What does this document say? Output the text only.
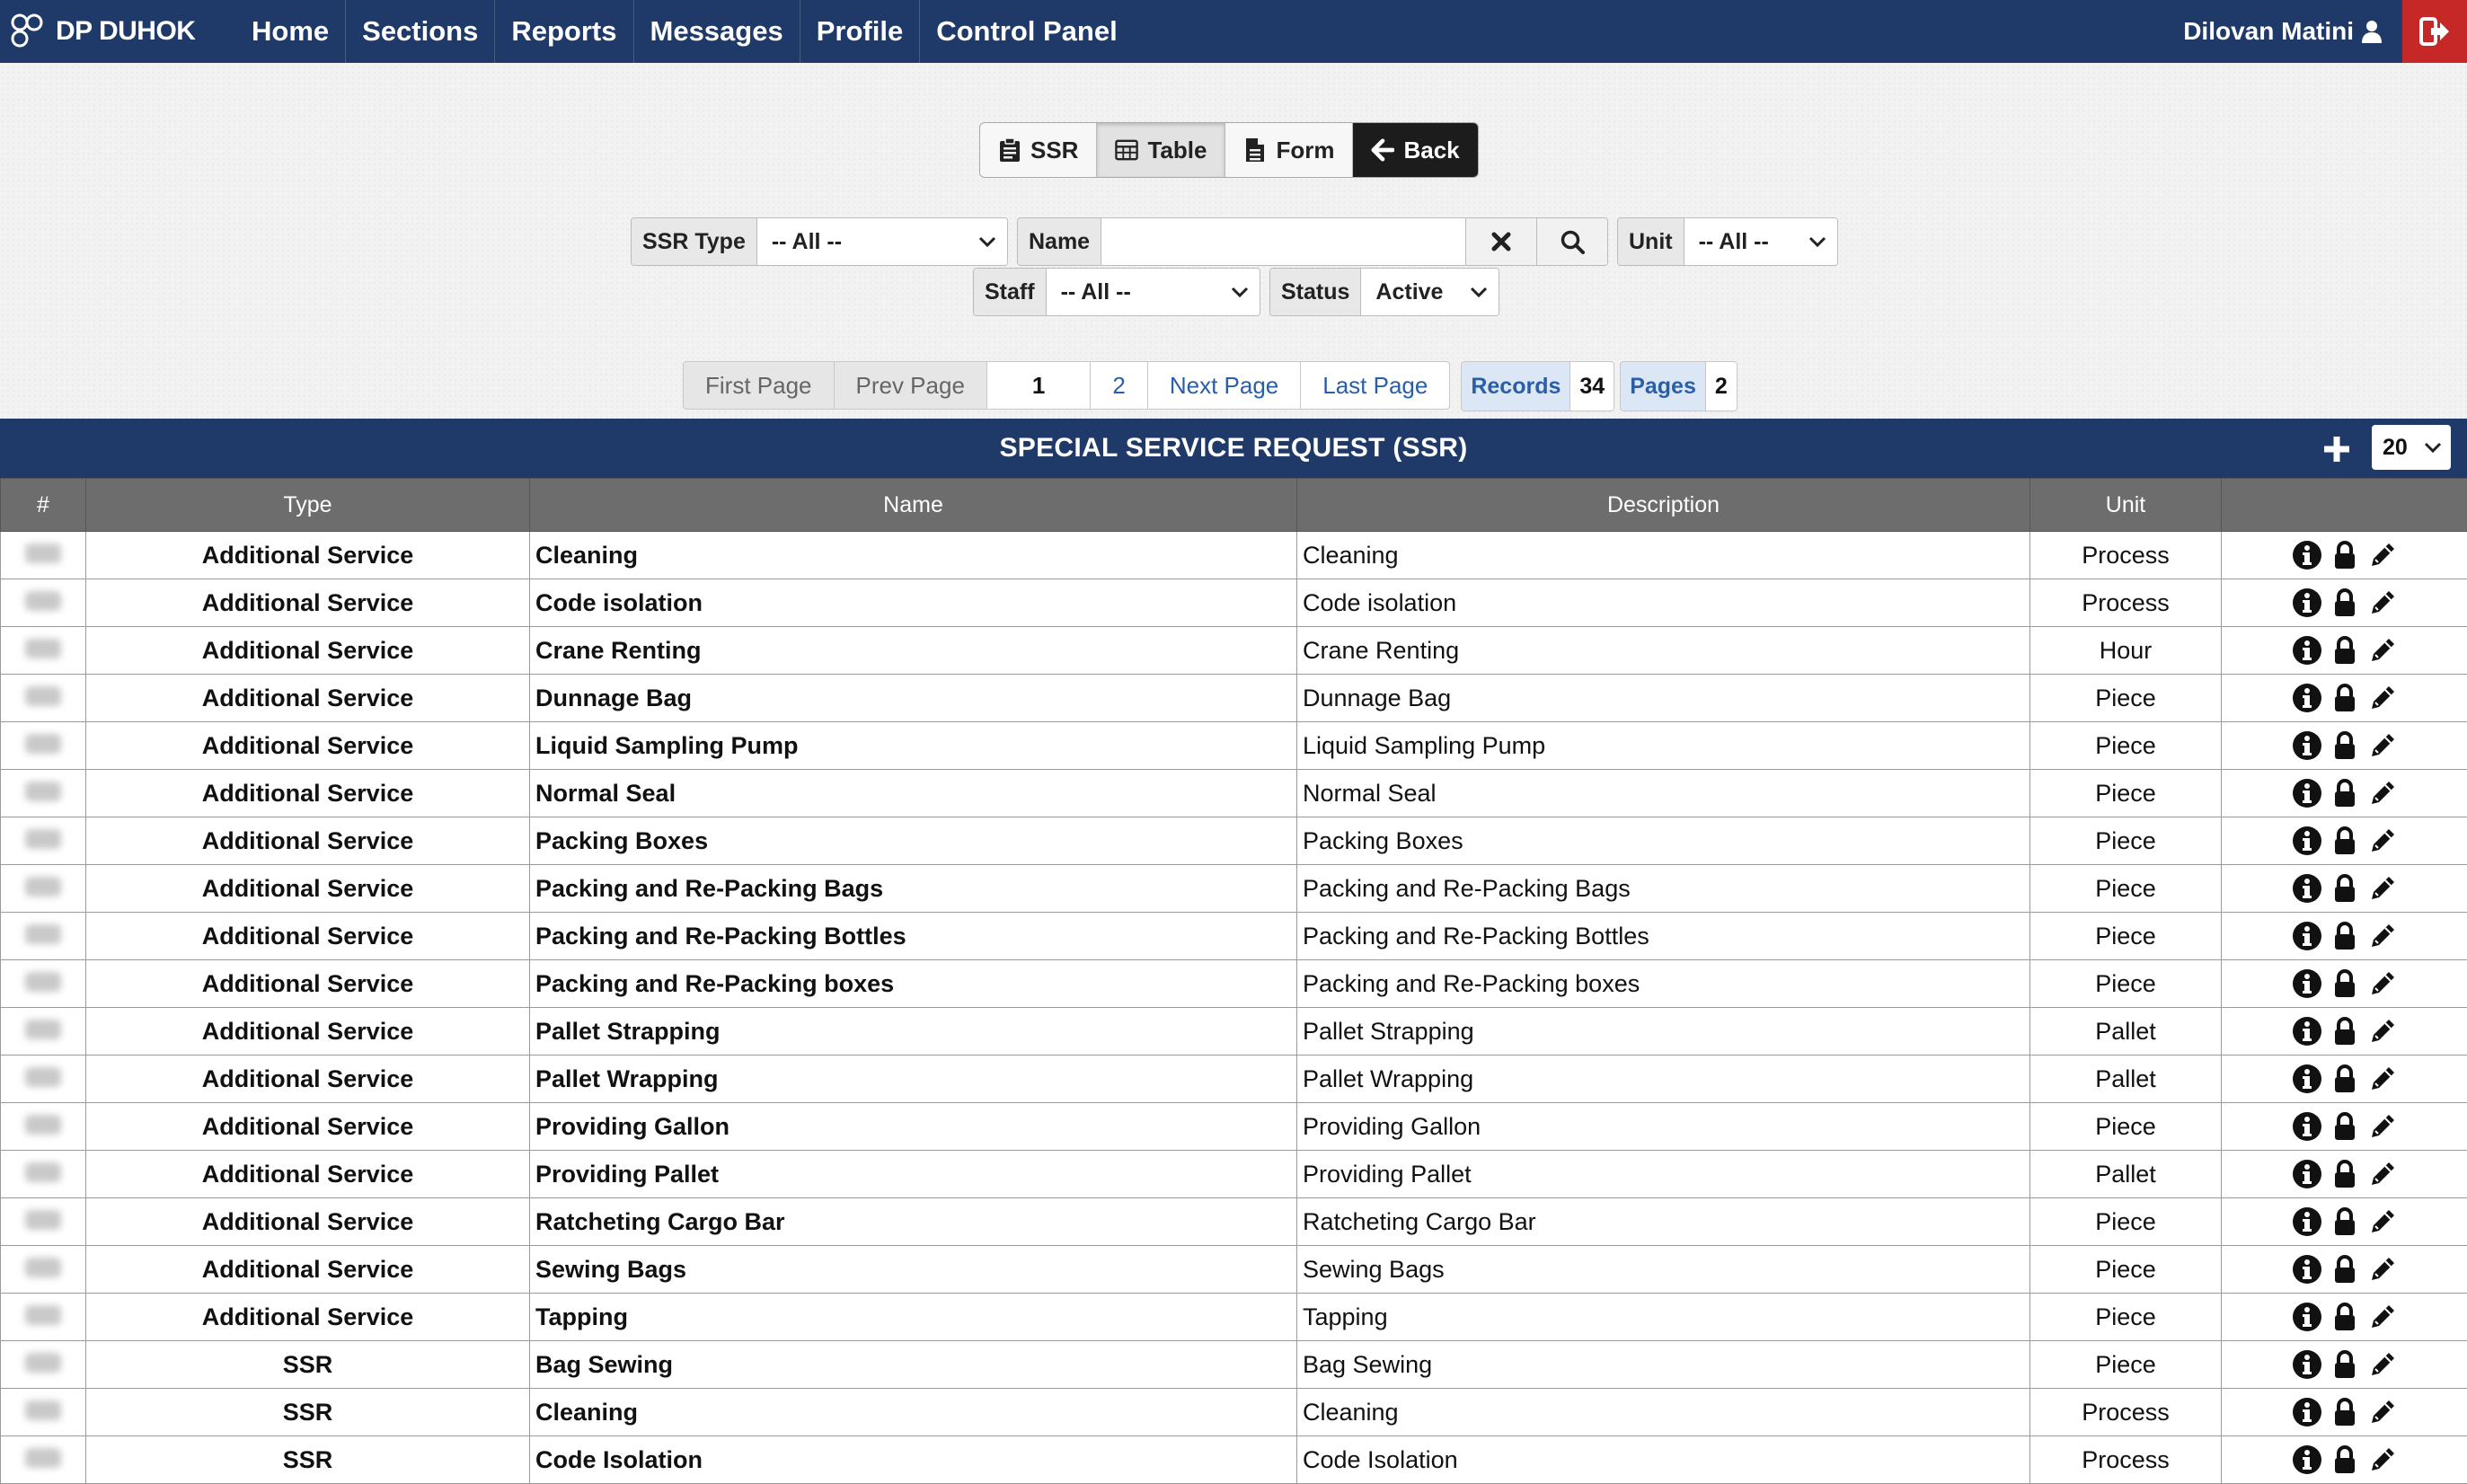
DP DUHOK	Home	Sections	Reports	Messages	Profile	Control Panel	Dilovan Matini
SSR	Table	Form	Back
SSR Type	-- All --	Name	Unit	-- All --
Staff	-- All --	Status	Active
First Page	Prev Page	1	2	Next Page	Last Page	Records 34	Pages 2
SPECIAL SERVICE REQUEST (SSR)	20
#	Type	Name	Description	Unit	
	Additional Service	Cleaning	Cleaning	Process	

	Additional Service	Code isolation	Code isolation	Process	

	Additional Service	Crane Renting	Crane Renting	Hour	

	Additional Service	Dunnage Bag	Dunnage Bag	Piece	

	Additional Service	Liquid Sampling Pump	Liquid Sampling Pump	Piece	

	Additional Service	Normal Seal	Normal Seal	Piece	

	Additional Service	Packing Boxes	Packing Boxes	Piece	

	Additional Service	Packing and Re-Packing Bags	Packing and Re-Packing Bags	Piece	

	Additional Service	Packing and Re-Packing Bottles	Packing and Re-Packing Bottles	Piece	

	Additional Service	Packing and Re-Packing boxes	Packing and Re-Packing boxes	Piece	

	Additional Service	Pallet Strapping	Pallet Strapping	Pallet	

	Additional Service	Pallet Wrapping	Pallet Wrapping	Pallet	

	Additional Service	Providing Gallon	Providing Gallon	Piece	

	Additional Service	Providing Pallet	Providing Pallet	Pallet	

	Additional Service	Ratcheting Cargo Bar	Ratcheting Cargo Bar	Piece	

	Additional Service	Sewing Bags	Sewing Bags	Piece	

	Additional Service	Tapping	Tapping	Piece	

	SSR	Bag Sewing	Bag Sewing	Piece	

	SSR	Cleaning	Cleaning	Process	

	SSR	Code Isolation	Code Isolation	Process	
